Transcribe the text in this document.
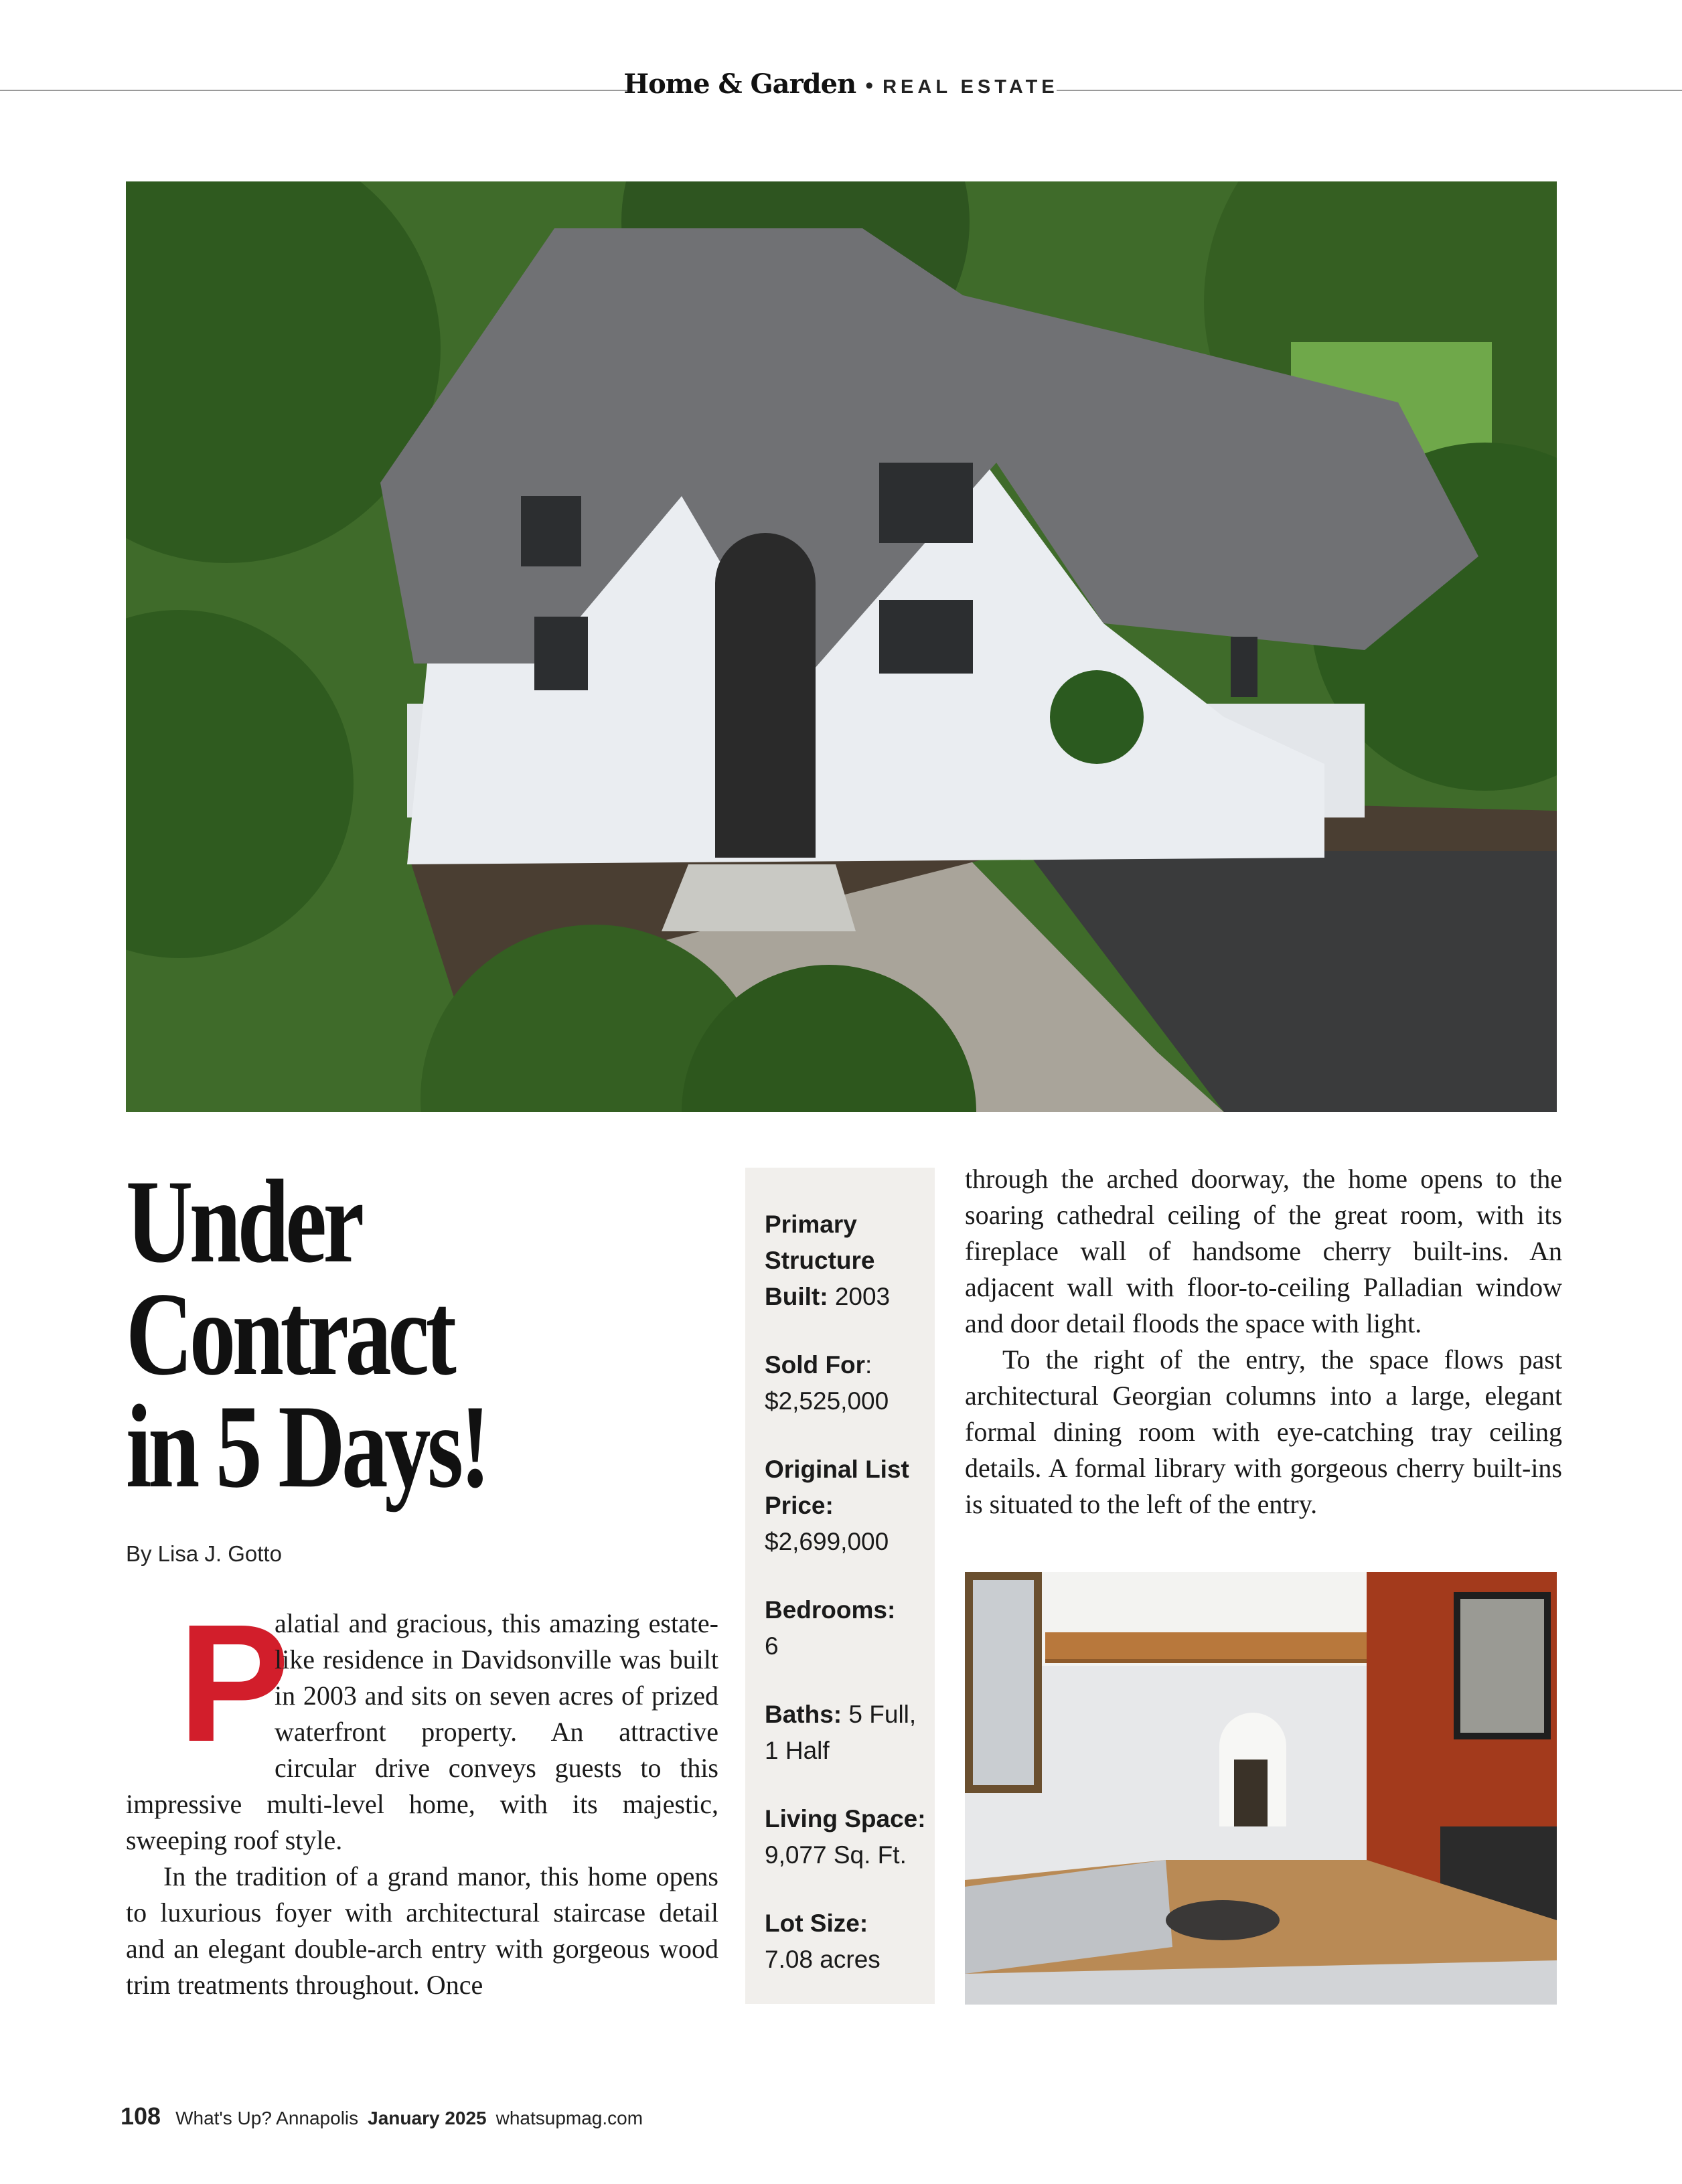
Home & Garden • REAL ESTATE
Under
Contract
in 5 Days!
By Lisa J. Gotto

P
alatial and gracious, this amazing estate-like residence in Davidsonville was built in 2003 and sits on seven acres of prized waterfront property. An attractive circular drive conveys guests to this impressive multi-level home, with its majestic, sweeping roof style.

In the tradition of a grand manor, this home opens to luxurious foyer with architectural staircase detail and an elegant double-arch entry with gorgeous wood trim treatments throughout. Once

Primary Structure Built: 2003
Sold For: $2,525,000
Original List Price: $2,699,000
Bedrooms:
6
Baths: 5 Full, 1 Half
Living Space:
9,077 Sq. Ft.
Lot Size:
7.08 acres

through the arched doorway, the home opens to the soaring cathedral ceiling of the great room, with its fireplace wall of handsome cherry built-ins. An adjacent wall with floor-to-ceiling Palladian window and door detail floods the space with light.

To the right of the entry, the space flows past architectural Georgian columns into a large, elegant formal dining room with eye-catching tray ceiling details. A formal library with gorgeous cherry built-ins is situated to the left of the entry.

108 What's Up? Annapolis January 2025 whatsupmag.com
